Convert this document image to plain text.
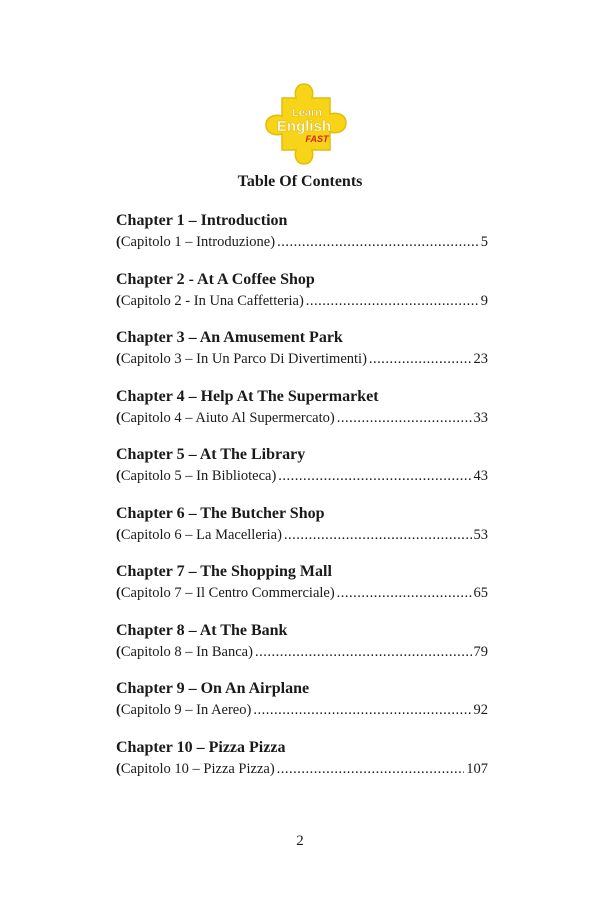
Learn
English
FAST
Table Of Contents
Chapter 1 – Introduction
( Capitolo 1 – Introduzione) .....	5
Chapter 2 - At A Coffee Shop
( Capitolo 2 - In Una Caffetteria) .....	9
Chapter 3 – An Amusement Park
( Capitolo 3 – In Un Parco Di Divertimenti) .....	23
Chapter 4 – Help At The Supermarket
( Capitolo 4 – Aiuto Al Supermercato) .....	33
Chapter 5 – At The Library
( Capitolo 5 – In Biblioteca) .....	43
Chapter 6 – The Butcher Shop
( Capitolo 6 – La Macelleria) .....	53
Chapter 7 – The Shopping Mall
( Capitolo 7 – Il Centro Commerciale) .....	65
Chapter 8 – At The Bank
( Capitolo 8 – In Banca) .....	79
Chapter 9 – On An Airplane
( Capitolo 9 – In Aereo) .....	92
Chapter 10 – Pizza Pizza
( Capitolo 10 – Pizza Pizza) .....	107
2
